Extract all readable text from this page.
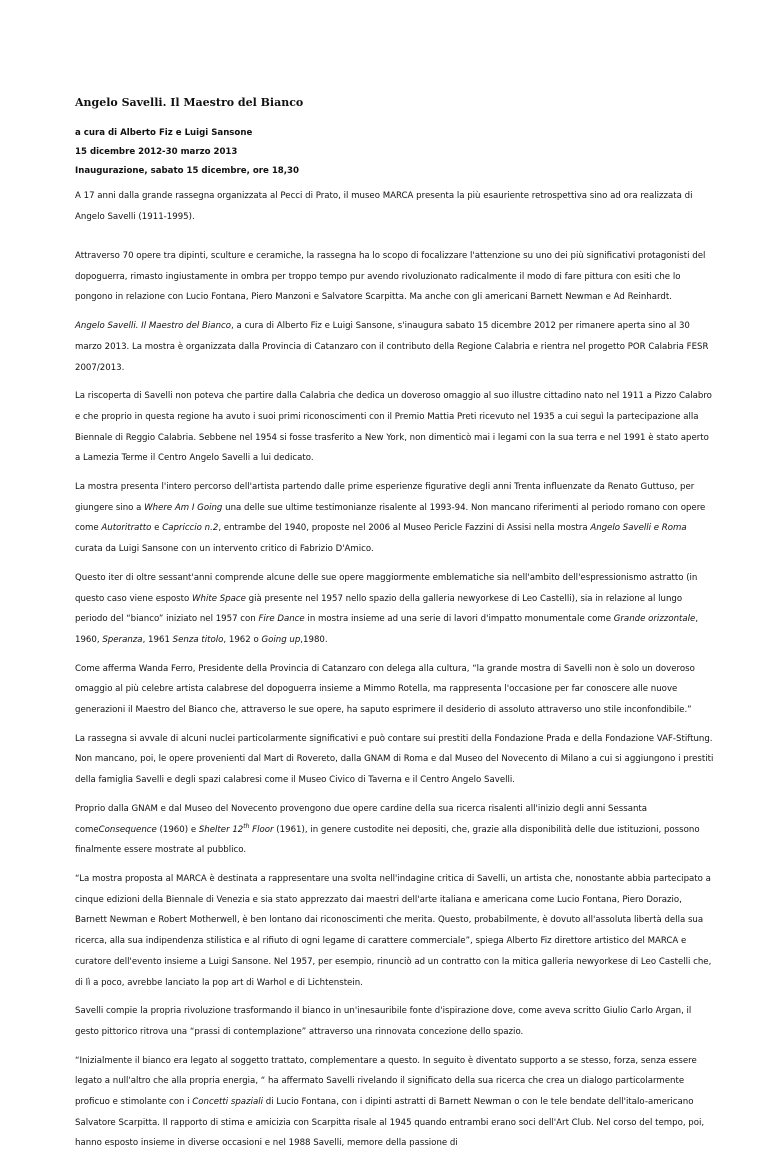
Angelo Savelli. Il Maestro del Bianco
a cura di Alberto Fiz e Luigi Sansone
15 dicembre 2012-30 marzo 2013
Inaugurazione, sabato 15 dicembre, ore 18,30

A 17 anni dalla grande rassegna organizzata al Pecci di Prato, il museo MARCA presenta la più esauriente retrospettiva sino ad ora realizzata di Angelo Savelli (1911-1995).

Attraverso 70 opere tra dipinti, sculture e ceramiche, la rassegna ha lo scopo di focalizzare l'attenzione su uno dei più significativi protagonisti del dopoguerra, rimasto ingiustamente in ombra per troppo tempo pur avendo rivoluzionato radicalmente il modo di fare pittura con esiti che lo pongono in relazione con Lucio Fontana, Piero Manzoni e Salvatore Scarpitta. Ma anche con gli americani Barnett Newman e Ad Reinhardt.

Angelo Savelli. Il Maestro del Bianco, a cura di Alberto Fiz e Luigi Sansone, s'inaugura sabato 15 dicembre 2012 per rimanere aperta sino al 30 marzo 2013. La mostra è organizzata dalla Provincia di Catanzaro con il contributo della Regione Calabria e rientra nel progetto POR Calabria FESR 2007/2013.

La riscoperta di Savelli non poteva che partire dalla Calabria che dedica un doveroso omaggio al suo illustre cittadino nato nel 1911 a Pizzo Calabro e che proprio in questa regione ha avuto i suoi primi riconoscimenti con il Premio Mattia Preti ricevuto nel 1935 a cui seguì la partecipazione alla Biennale di Reggio Calabria. Sebbene nel 1954 si fosse trasferito a New York, non dimenticò mai i legami con la sua terra e nel 1991 è stato aperto a Lamezia Terme il Centro Angelo Savelli a lui dedicato.

La mostra presenta l'intero percorso dell'artista partendo dalle prime esperienze figurative degli anni Trenta influenzate da Renato Guttuso, per giungere sino a Where Am I Going una delle sue ultime testimonianze risalente al 1993-94. Non mancano riferimenti al periodo romano con opere come Autoritratto e Capriccio n.2, entrambe del 1940, proposte nel 2006 al Museo Pericle Fazzini di Assisi nella mostra Angelo Savelli e Roma curata da Luigi Sansone con un intervento critico di Fabrizio D'Amico.

Questo iter di oltre sessant'anni comprende alcune delle sue opere maggiormente emblematiche sia nell'ambito dell'espressionismo astratto (in questo caso viene esposto White Space già presente nel 1957 nello spazio della galleria newyorkese di Leo Castelli), sia in relazione al lungo periodo del “bianco” iniziato nel 1957 con Fire Dance in mostra insieme ad una serie di lavori d'impatto monumentale come Grande orizzontale, 1960, Speranza, 1961 Senza titolo, 1962 o Going up,1980.

Come afferma Wanda Ferro, Presidente della Provincia di Catanzaro con delega alla cultura, “la grande mostra di Savelli non è solo un doveroso omaggio al più celebre artista calabrese del dopoguerra insieme a Mimmo Rotella, ma rappresenta l'occasione per far conoscere alle nuove generazioni il Maestro del Bianco che, attraverso le sue opere, ha saputo esprimere il desiderio di assoluto attraverso uno stile inconfondibile.”

La rassegna si avvale di alcuni nuclei particolarmente significativi e può contare sui prestiti della Fondazione Prada e della Fondazione VAF-Stiftung. Non mancano, poi, le opere provenienti dal Mart di Rovereto, dalla GNAM di Roma e dal Museo del Novecento di Milano a cui si aggiungono i prestiti della famiglia Savelli e degli spazi calabresi come il Museo Civico di Taverna e il Centro Angelo Savelli.

Proprio dalla GNAM e dal Museo del Novecento provengono due opere cardine della sua ricerca risalenti all'inizio degli anni Sessanta comeConsequence (1960) e Shelter 12th Floor (1961), in genere custodite nei depositi, che, grazie alla disponibilità delle due istituzioni, possono finalmente essere mostrate al pubblico.

“La mostra proposta al MARCA è destinata a rappresentare una svolta nell'indagine critica di Savelli, un artista che, nonostante abbia partecipato a cinque edizioni della Biennale di Venezia e sia stato apprezzato dai maestri dell'arte italiana e americana come Lucio Fontana, Piero Dorazio, Barnett Newman e Robert Motherwell, è ben lontano dai riconoscimenti che merita. Questo, probabilmente, è dovuto all'assoluta libertà della sua ricerca, alla sua indipendenza stilistica e al rifiuto di ogni legame di carattere commerciale”, spiega Alberto Fiz direttore artistico del MARCA e curatore dell'evento insieme a Luigi Sansone. Nel 1957, per esempio, rinunciò ad un contratto con la mitica galleria newyorkese di Leo Castelli che, di lì a poco, avrebbe lanciato la pop art di Warhol e di Lichtenstein.

Savelli compie la propria rivoluzione trasformando il bianco in un'inesauribile fonte d'ispirazione dove, come aveva scritto Giulio Carlo Argan, il gesto pittorico ritrova una “prassi di contemplazione” attraverso una rinnovata concezione dello spazio.

“Inizialmente il bianco era legato al soggetto trattato, complementare a questo. In seguito è diventato supporto a se stesso, forza, senza essere legato a null'altro che alla propria energia, “ ha affermato Savelli rivelando il significato della sua ricerca che crea un dialogo particolarmente proficuo e stimolante con i Concetti spaziali di Lucio Fontana, con i dipinti astratti di Barnett Newman o con le tele bendate dell'italo-americano Salvatore Scarpitta. Il rapporto di stima e amicizia con Scarpitta risale al 1945 quando entrambi erano soci dell'Art Club. Nel corso del tempo, poi, hanno esposto insieme in diverse occasioni e nel 1988 Savelli, memore della passione di
